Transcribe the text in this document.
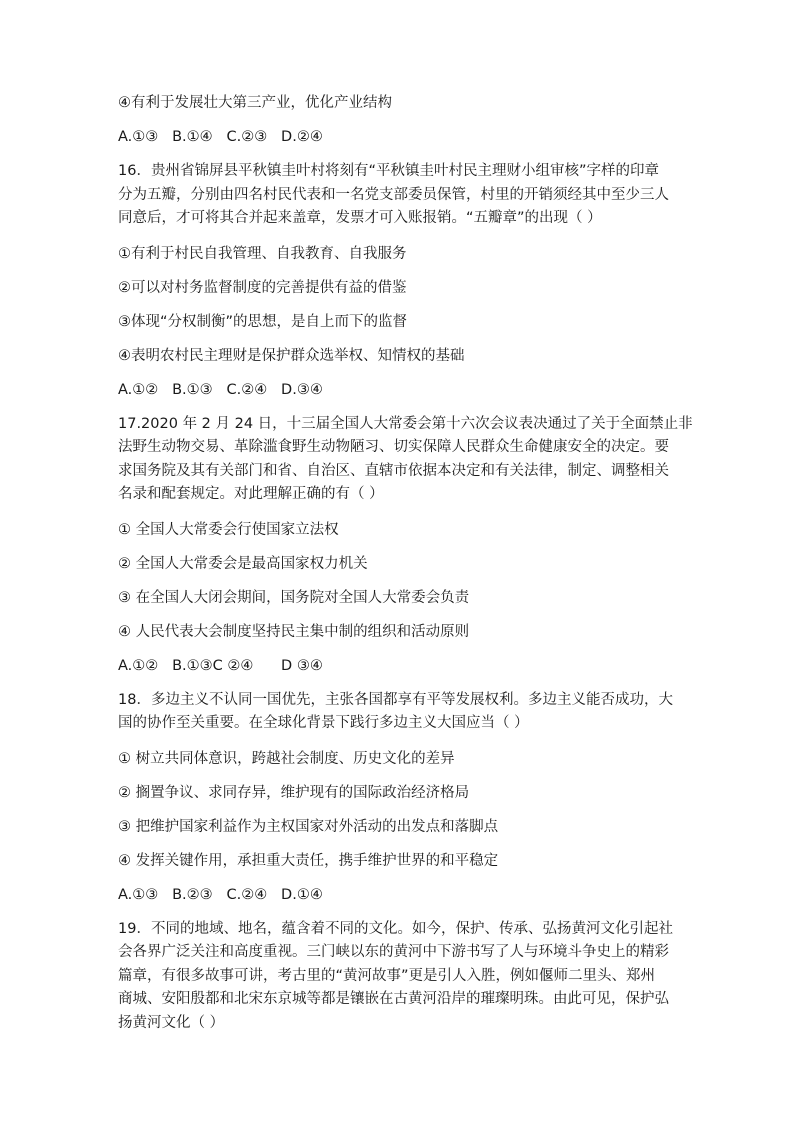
④有利于发展壮大第三产业，优化产业结构

A.①③   B.①④   C.②③   D.②④

16．贵州省锦屏县平秋镇圭叶村将刻有“平秋镇圭叶村民主理财小组审核”字样的印章
分为五瓣，分别由四名村民代表和一名党支部委员保管，村里的开销须经其中至少三人
同意后，才可将其合并起来盖章，发票才可入账报销。“五瓣章”的出现（ ）

①有利于村民自我管理、自我教育、自我服务

②可以对村务监督制度的完善提供有益的借鉴

③体现“分权制衡”的思想，是自上而下的监督

④表明农村民主理财是保护群众选举权、知情权的基础

A.①②   B.①③   C.②④   D.③④

17.2020 年 2 月 24 日，十三届全国人大常委会第十六次会议表决通过了关于全面禁止非
法野生动物交易、革除滥食野生动物陋习、切实保障人民群众生命健康安全的决定。要
求国务院及其有关部门和省、自治区、直辖市依据本决定和有关法律，制定、调整相关
名录和配套规定。对此理解正确的有（ ）

① 全国人大常委会行使国家立法权

② 全国人大常委会是最高国家权力机关

③ 在全国人大闭会期间，国务院对全国人大常委会负责

④ 人民代表大会制度坚持民主集中制的组织和活动原则

A.①②   B.①③C ②④      D ③④

18．多边主义不认同一国优先，主张各国都享有平等发展权利。多边主义能否成功，大
国的协作至关重要。在全球化背景下践行多边主义大国应当（ ）

① 树立共同体意识，跨越社会制度、历史文化的差异

② 搁置争议、求同存异，维护现有的国际政治经济格局

③ 把维护国家利益作为主权国家对外活动的出发点和落脚点

④ 发挥关键作用，承担重大责任，携手维护世界的和平稳定

A.①③   B.②③   C.②④   D.①④

19．不同的地域、地名，蕴含着不同的文化。如今，保护、传承、弘扬黄河文化引起社
会各界广泛关注和高度重视。三门峡以东的黄河中下游书写了人与环境斗争史上的精彩
篇章，有很多故事可讲，考古里的“黄河故事”更是引人入胜，例如偃师二里头、郑州
商城、安阳殷都和北宋东京城等都是镶嵌在古黄河沿岸的璀璨明珠。由此可见，保护弘
扬黄河文化（ ）
